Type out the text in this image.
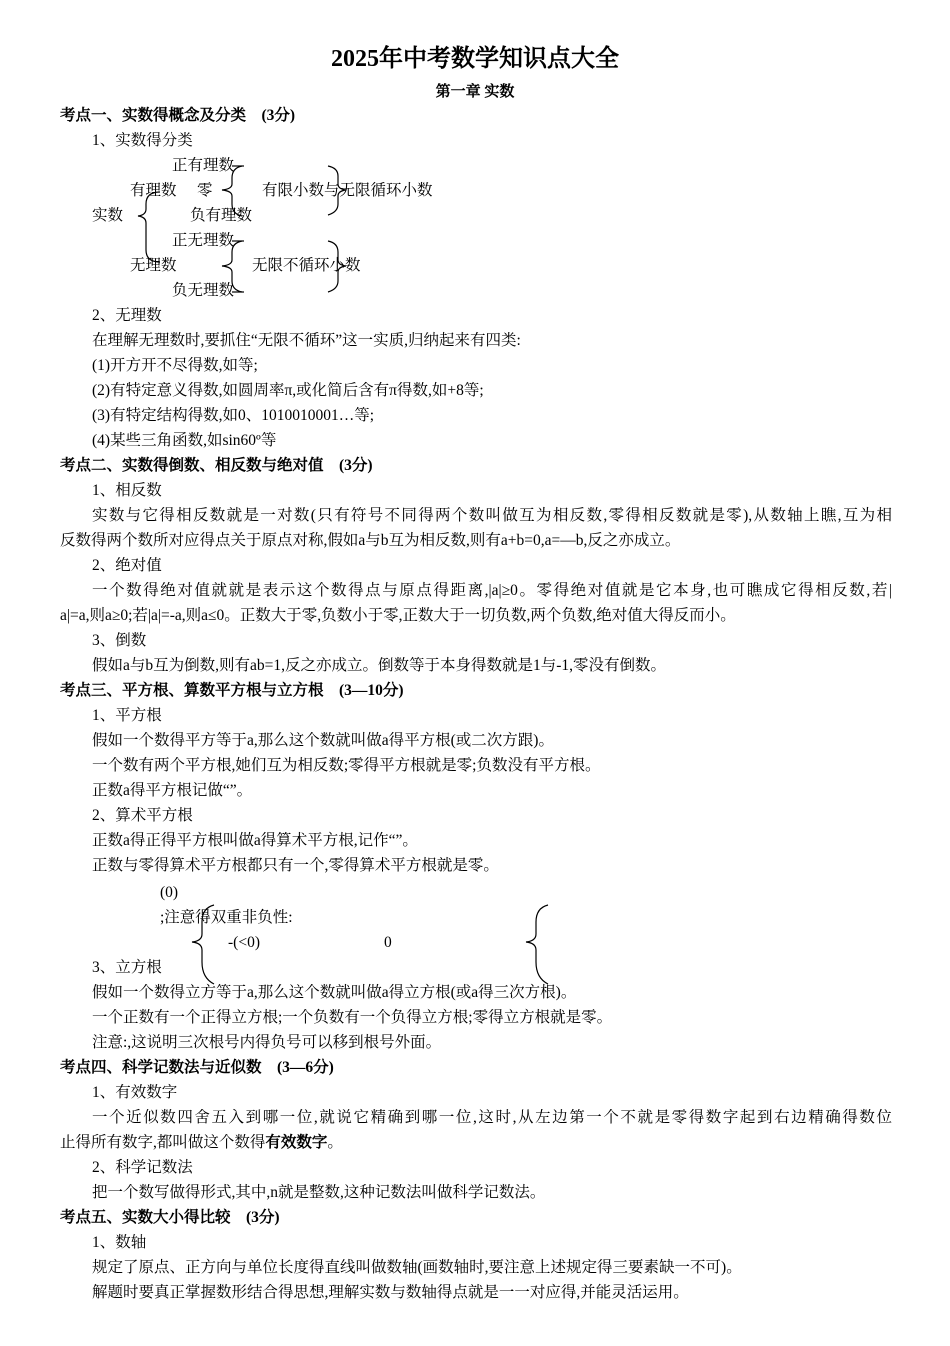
2025年中考数学知识点大全
第一章 实数
考点一、实数得概念及分类　(3分)
1、实数得分类
正有理数
有理数 零	有限小数与无限循环小数
实数	负有理数
正无理数
无理数	无限不循环小数
负无理数
2、无理数
在理解无理数时,要抓住“无限不循环”这一实质,归纳起来有四类:
(1)开方开不尽得数,如等;
(2)有特定意义得数,如圆周率π,或化简后含有π得数,如+8等;
(3)有特定结构得数,如0、1010010001…等;
(4)某些三角函数,如sin60º等
考点二、实数得倒数、相反数与绝对值　(3分)
1、相反数
实数与它得相反数就是一对数(只有符号不同得两个数叫做互为相反数,零得相反数就是零),从数轴上瞧,互为相
反数得两个数所对应得点关于原点对称,假如a与b互为相反数,则有a+b=0,a=—b,反之亦成立。
2、绝对值
一个数得绝对值就就是表示这个数得点与原点得距离,|a|≥0。零得绝对值就是它本身,也可瞧成它得相反数,若|
a|=a,则a≥0;若|a|=-a,则a≤0。正数大于零,负数小于零,正数大于一切负数,两个负数,绝对值大得反而小。
3、倒数
假如a与b互为倒数,则有ab=1,反之亦成立。倒数等于本身得数就是1与-1,零没有倒数。
考点三、平方根、算数平方根与立方根　(3—10分)
1、平方根
假如一个数得平方等于a,那么这个数就叫做a得平方根(或二次方跟)。
一个数有两个平方根,她们互为相反数;零得平方根就是零;负数没有平方根。
正数a得平方根记做“”。
2、算术平方根
正数a得正得平方根叫做a得算术平方根,记作“”。
正数与零得算术平方根都只有一个,零得算术平方根就是零。
(0)
;注意得双重非负性:
-(<0)	0
3、立方根
假如一个数得立方等于a,那么这个数就叫做a得立方根(或a得三次方根)。
一个正数有一个正得立方根;一个负数有一个负得立方根;零得立方根就是零。
注意:,这说明三次根号内得负号可以移到根号外面。
考点四、科学记数法与近似数　(3—6分)
1、有效数字
一个近似数四舍五入到哪一位,就说它精确到哪一位,这时,从左边第一个不就是零得数字起到右边精确得数位
止得所有数字,都叫做这个数得有效数字。
2、科学记数法
把一个数写做得形式,其中,n就是整数,这种记数法叫做科学记数法。
考点五、实数大小得比较　(3分)
1、数轴
规定了原点、正方向与单位长度得直线叫做数轴(画数轴时,要注意上述规定得三要素缺一不可)。
解题时要真正掌握数形结合得思想,理解实数与数轴得点就是一一对应得,并能灵活运用。
